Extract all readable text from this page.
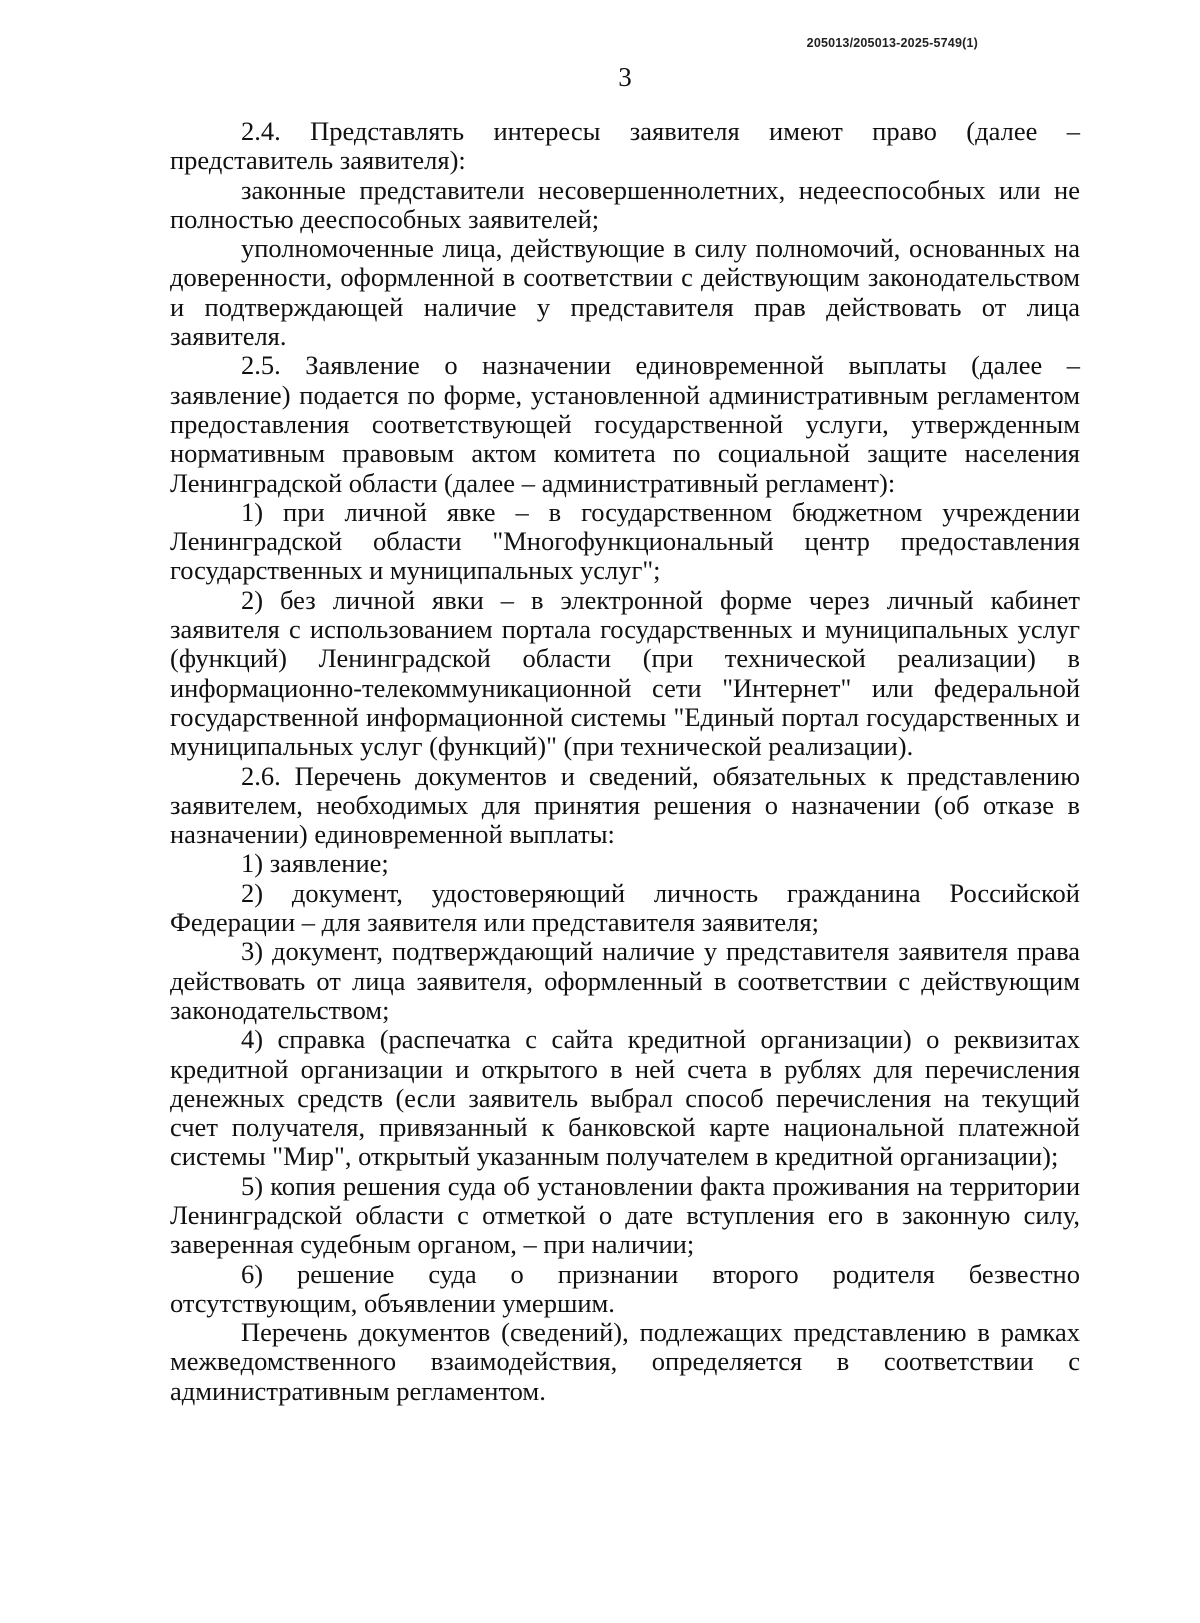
205013/205013-2025-5749(1)
3

2.4. Представлять интересы заявителя имеют право (далее – представитель заявителя):

законные представители несовершеннолетних, недееспособных или не полностью дееспособных заявителей;

уполномоченные лица, действующие в силу полномочий, основанных на доверенности, оформленной в соответствии с действующим законодательством и подтверждающей наличие у представителя прав действовать от лица заявителя.

2.5. Заявление о назначении единовременной выплаты (далее – заявление) подается по форме, установленной административным регламентом предоставления соответствующей государственной услуги, утвержденным нормативным правовым актом комитета по социальной защите населения Ленинградской области (далее – административный регламент):

1) при личной явке – в государственном бюджетном учреждении Ленинградской области "Многофункциональный центр предоставления государственных и муниципальных услуг";

2) без личной явки – в электронной форме через личный кабинет заявителя с использованием портала государственных и муниципальных услуг (функций) Ленинградской области (при технической реализации) в информационно-телекоммуникационной сети "Интернет" или федеральной государственной информационной системы "Единый портал государственных и муниципальных услуг (функций)" (при технической реализации).

2.6. Перечень документов и сведений, обязательных к представлению заявителем, необходимых для принятия решения о назначении (об отказе в назначении) единовременной выплаты:

1) заявление;

2) документ, удостоверяющий личность гражданина Российской Федерации – для заявителя или представителя заявителя;

3) документ, подтверждающий наличие у представителя заявителя права действовать от лица заявителя, оформленный в соответствии с действующим законодательством;

4) справка (распечатка с сайта кредитной организации) о реквизитах кредитной организации и открытого в ней счета в рублях для перечисления денежных средств (если заявитель выбрал способ перечисления на текущий счет получателя, привязанный к банковской карте национальной платежной системы "Мир", открытый указанным получателем в кредитной организации);

5) копия решения суда об установлении факта проживания на территории Ленинградской области с отметкой о дате вступления его в законную силу, заверенная судебным органом, – при наличии;

6) решение суда о признании второго родителя безвестно отсутствующим, объявлении умершим.

Перечень документов (сведений), подлежащих представлению в рамках межведомственного взаимодействия, определяется в соответствии с административным регламентом.
